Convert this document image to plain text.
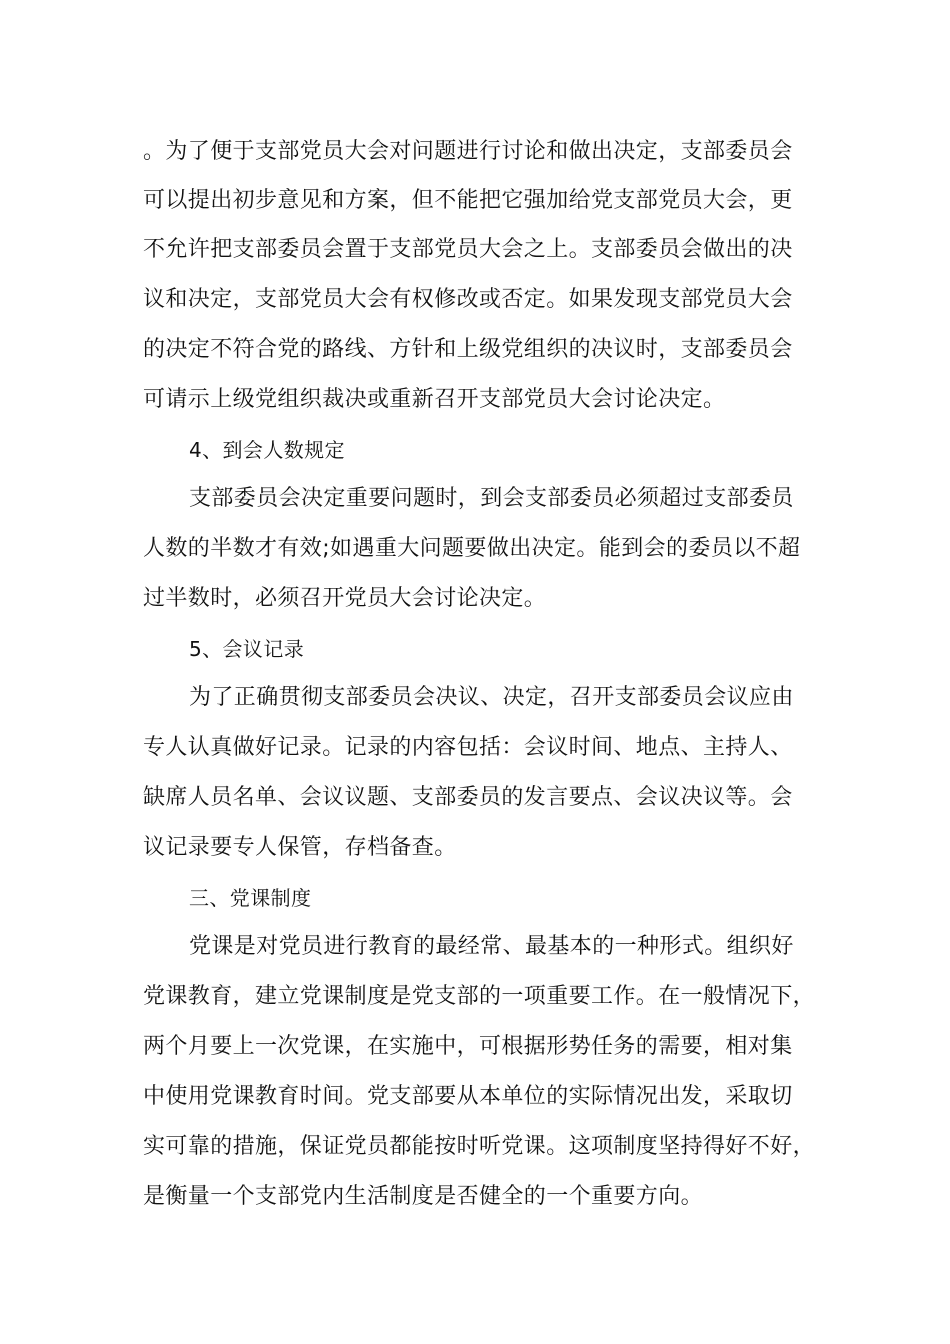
。为了便于支部党员大会对问题进行讨论和做出决定，支部委员会
可以提出初步意见和方案，但不能把它强加给党支部党员大会，更
不允许把支部委员会置于支部党员大会之上。支部委员会做出的决
议和决定，支部党员大会有权修改或否定。如果发现支部党员大会
的决定不符合党的路线、方针和上级党组织的决议时，支部委员会
可请示上级党组织裁决或重新召开支部党员大会讨论决定。
4、到会人数规定
支部委员会决定重要问题时，到会支部委员必须超过支部委员
人数的半数才有效;如遇重大问题要做出决定。能到会的委员以不超
过半数时，必须召开党员大会讨论决定。
5、会议记录
为了正确贯彻支部委员会决议、决定，召开支部委员会议应由
专人认真做好记录。记录的内容包括：会议时间、地点、主持人、
缺席人员名单、会议议题、支部委员的发言要点、会议决议等。会
议记录要专人保管，存档备查。
三、党课制度
党课是对党员进行教育的最经常、最基本的一种形式。组织好
党课教育，建立党课制度是党支部的一项重要工作。在一般情况下，
两个月要上一次党课，在实施中，可根据形势任务的需要，相对集
中使用党课教育时间。党支部要从本单位的实际情况出发，采取切
实可靠的措施，保证党员都能按时听党课。这项制度坚持得好不好，
是衡量一个支部党内生活制度是否健全的一个重要方向。
